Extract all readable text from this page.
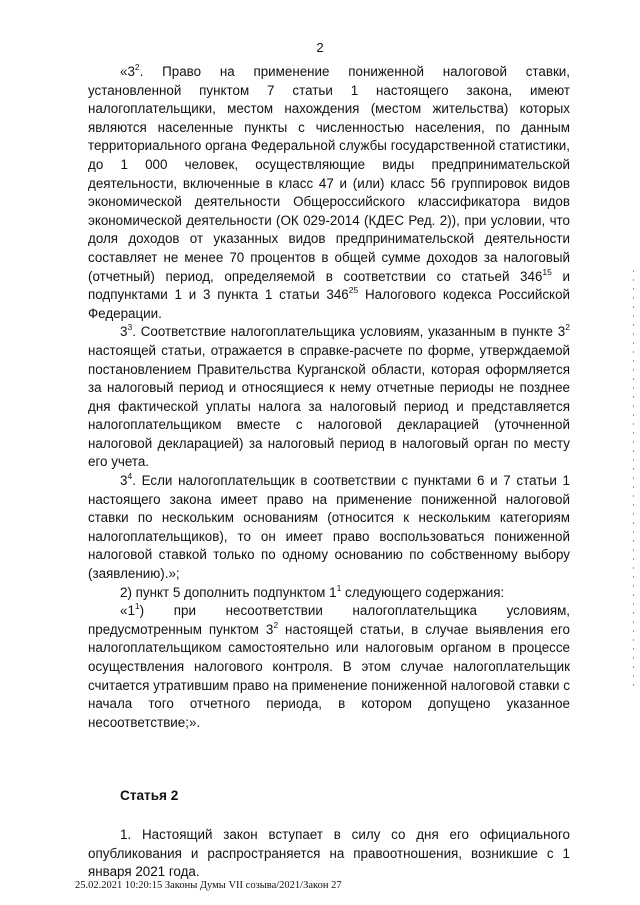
2

«$3^2$. Право на применение пониженной налоговой ставки, установленной пунктом 7 статьи 1 настоящего закона, имеют налогоплательщики, местом нахождения (местом жительства) которых являются населенные пункты с численностью населения, по данным территориального органа Федеральной службы государственной статистики, до 1 000 человек, осуществляющие виды предпринимательской деятельности, включенные в класс 47 и (или) класс 56 группировок видов экономической деятельности Общероссийского классификатора видов экономической деятельности (ОК 029-2014 (КДЕС Ред. 2)), при условии, что доля доходов от указанных видов предпринимательской деятельности составляет не менее 70 процентов в общей сумме доходов за налоговый (отчетный) период, определяемой в соответствии со статьей $346^{15}$ и подпунктами 1 и 3 пункта 1 статьи $346^{25}$ Налогового кодекса Российской Федерации.

$3^3$. Соответствие налогоплательщика условиям, указанным в пункте $3^2$ настоящей статьи, отражается в справке-расчете по форме, утверждаемой постановлением Правительства Курганской области, которая оформляется за налоговый период и относящиеся к нему отчетные периоды не позднее дня фактической уплаты налога за налоговый период и представляется налогоплательщиком вместе с налоговой декларацией (уточненной налоговой декларацией) за налоговый период в налоговый орган по месту его учета.

$3^4$. Если налогоплательщик в соответствии с пунктами 6 и 7 статьи 1 настоящего закона имеет право на применение пониженной налоговой ставки по нескольким основаниям (относится к нескольким категориям налогоплательщиков), то он имеет право воспользоваться пониженной налоговой ставкой только по одному основанию по собственному выбору (заявлению).»;

2) пункт 5 дополнить подпунктом $1^1$ следующего содержания:

«$1^1$) при несоответствии налогоплательщика условиям, предусмотренным пунктом $3^2$ настоящей статьи, в случае выявления его налогоплательщиком самостоятельно или налоговым органом в процессе осуществления налогового контроля. В этом случае налогоплательщик считается утратившим право на применение пониженной налоговой ставки с начала того отчетного периода, в котором допущено указанное несоответствие;».

Статья 2

1. Настоящий закон вступает в силу со дня его официального опубликования и распространяется на правоотношения, возникшие с 1 января 2021 года.

25.02.2021 10:20:15 Законы Думы VII созыва/2021/Закон 27
